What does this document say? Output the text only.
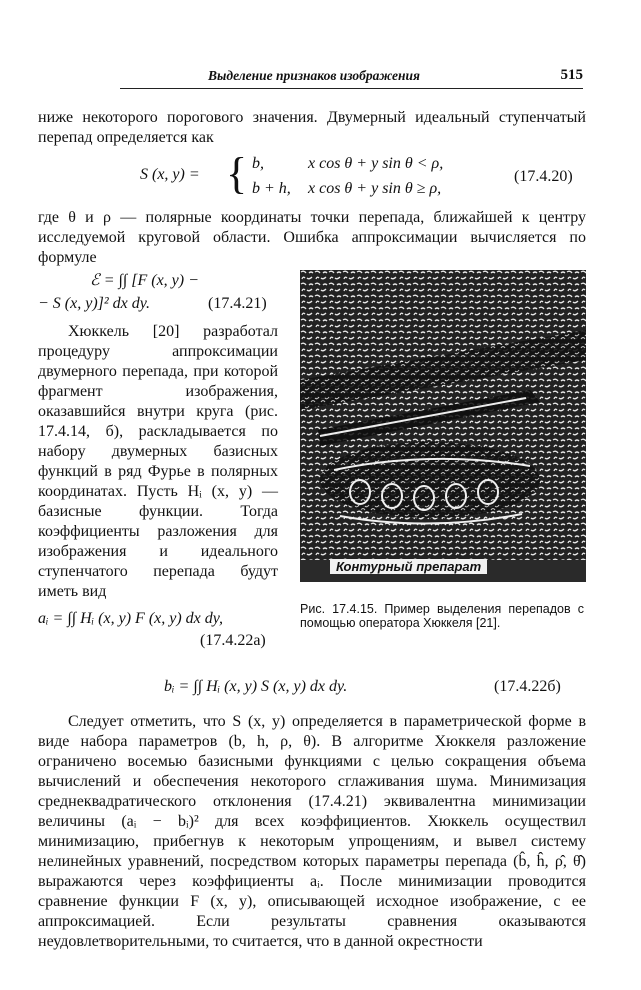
Выделение признаков изображения	515
ниже некоторого порогового значения. Двумерный идеальный ступенчатый перепад определяется как
S (x, y) = { b,	x cos θ + y sin θ < ρ,
b + h, x cos θ + y sin θ ≥ ρ,
(17.4.20)
где θ и ρ — полярные координаты точки перепада, ближайшей к центру исследуемой круговой области. Ошибка аппроксимации вычисляется по формуле
ℰ = ∫∫ [F (x, y) −
− S (x, y)]² dx dy.	(17.4.21)
Хюккель [20] разработал процедуру аппроксимации двумерного перепада, при которой фрагмент изображения, оказавшийся внутри круга (рис. 17.4.14, б), раскладывается по набору двумерных базисных функций в ряд Фурье в полярных координатах. Пусть Hᵢ (x, y) — базисные функции. Тогда коэффициенты разложения для изображения и идеального ступенчатого перепада будут иметь вид
aᵢ = ∫∫ Hᵢ (x, y) F (x, y) dx dy,
(17.4.22а)
Контурный препарат
Рис. 17.4.15. Пример выделения перепадов с помощью оператора Хюккеля [21].
bᵢ = ∫∫ Hᵢ (x, y) S (x, y) dx dy.	(17.4.22б)
Следует отметить, что S (x, y) определяется в параметрической форме в виде набора параметров (b, h, ρ, θ). В алгоритме Хюккеля разложение ограничено восемью базисными функциями с целью сокращения объема вычислений и обеспечения некоторого сглаживания шума. Минимизация среднеквадратического отклонения (17.4.21) эквивалентна минимизации величины (aᵢ − bᵢ)² для всех коэффициентов. Хюккель осуществил минимизацию, прибегнув к некоторым упрощениям, и вывел систему нелинейных уравнений, посредством которых параметры перепада (b̂, ĥ, ρ̂, θ̂) выражаются через коэффициенты aᵢ. После минимизации проводится сравнение функции F (x, y), описывающей исходное изображение, с ее аппроксимацией. Если результаты сравнения оказываются неудовлетворительными, то считается, что в данной окрестности
